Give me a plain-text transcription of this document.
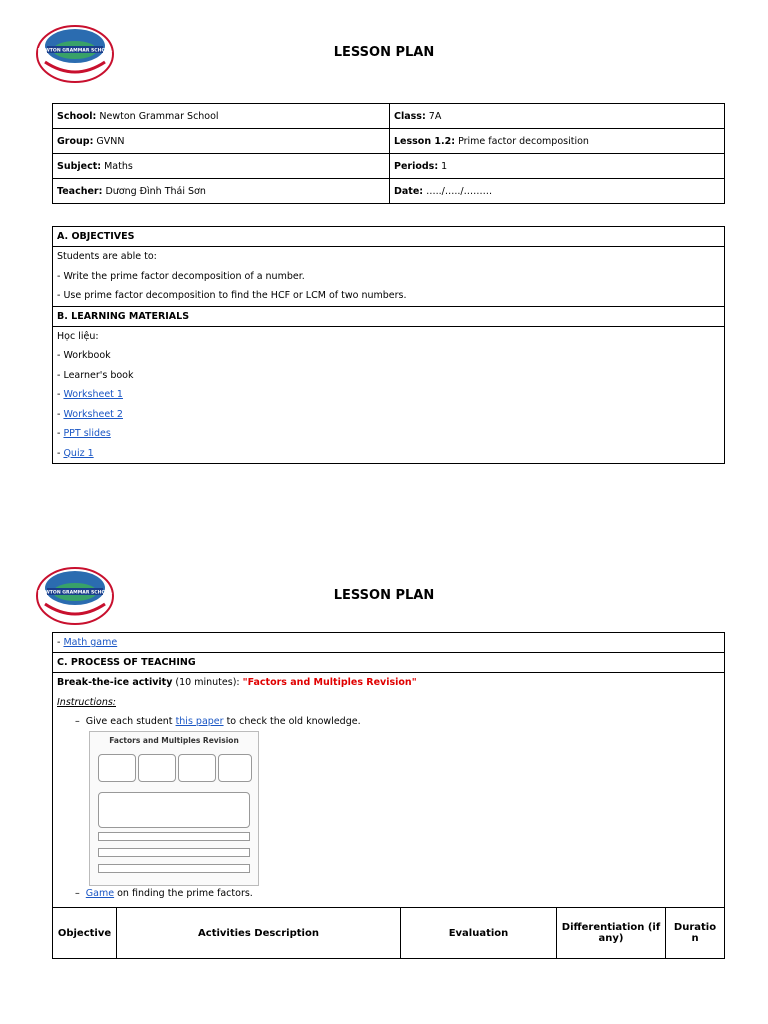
NEWTON GRAMMAR SCHOOL	LESSON PLAN
School: Newton Grammar School	Class: 7A
Group: GVNN	Lesson 1.2: Prime factor decomposition
Subject: Maths	Periods: 1
Teacher: Dương Đình Thái Sơn	Date: …../…../………
A. OBJECTIVES

Students are able to:
- Write the prime factor decomposition of a number.
- Use prime factor decomposition to find the HCF or LCM of two numbers.

B. LEARNING MATERIALS

Học liệu:
- Workbook
- Learner's book
- Worksheet 1
- Worksheet 2
- PPT slides
- Quiz 1
NEWTON GRAMMAR SCHOOL	LESSON PLAN
- Math game
C. PROCESS OF TEACHING

Break-the-ice activity (10 minutes): "Factors and Multiples Revision"
Instructions:
– Give each student this paper to check the old knowledge.
– Game on finding the prime factors.
Factors and Multiples Revision
Objective	Activities Description	Evaluation	Differentiation (if any)	Duratio n
